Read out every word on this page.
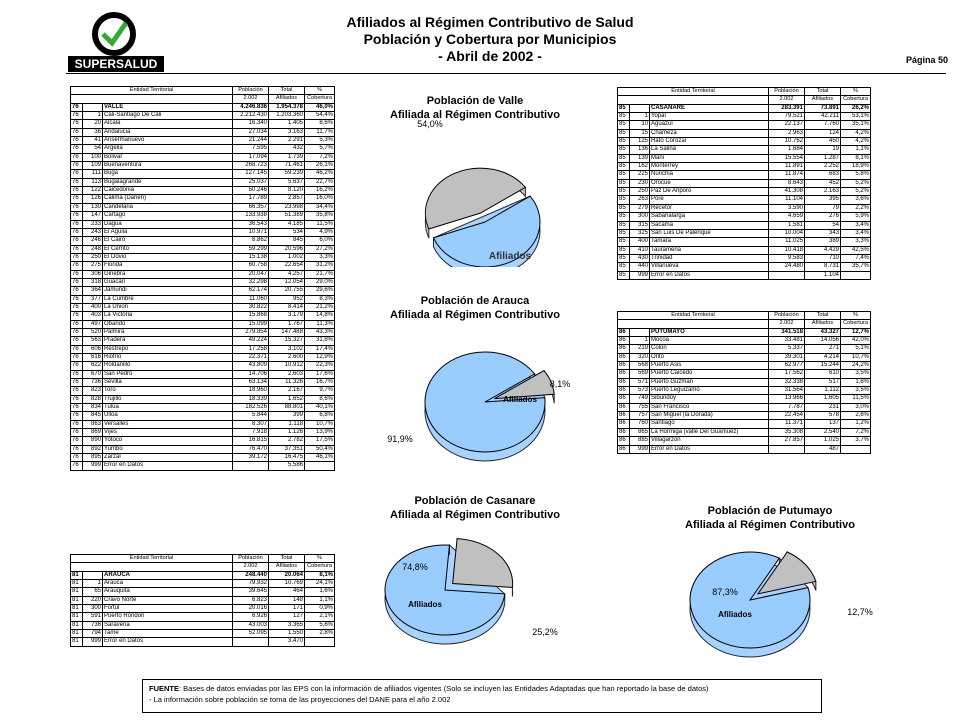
SUPERSALUD
Afiliados al Régimen Contributivo de Salud
Población y Cobertura por Municipios
- Abril de 2002 -	Página 50
Entidad Territorial			Población	Total	%
			2.002	Afiliados	Cobertura
76		VALLE	4.246.836	1.954.378	46,0%
76	1	Cali-Santiago De Cali	2.212.430	1.203.360	54,4%
76	20	Alcala	16.340	1.405	8,6%
76	36	Andalucia	27.034	3.163	11,7%
76	41	Ansermanuevo	21.244	2.291	5,3%
76	54	Argelia	7.595	432	5,7%
76	100	Bolivar	17.094	1.739	7,2%
76	109	Buenaventura	268.723	71.461	26,1%
76	111	Buga	127.145	59.239	46,2%
76	113	Bugalagrande	25.037	5.637	22,7%
76	122	Caicedonia	50.246	8.120	16,2%
76	126	Calima (Darien)	17.789	2.857	16,0%
76	130	Candelaria	66.357	23.998	34,4%
76	147	Cartago	133.938	51.389	35,8%
76	233	Dagua	36.543	4.185	11,5%
76	243	El Aguila	10.971	534	4,9%
76	246	El Cairo	8.862	845	6,0%
76	248	El Cerrito	59.299	20.596	27,2%
76	250	El Dovio	15.138	1.002	3,3%
76	275	Florida	60.758	22.654	31,2%
76	306	Ginebra	20.047	4.257	21,7%
76	318	Guacari	32.298	12.054	29,0%
76	364	Jamundi	62.174	20.755	29,6%
76	377	La Cumbre	11.060	952	8,3%
76	400	La Union	30.822	8.414	21,2%
76	403	La Victoria	15.868	3.179	14,8%
76	497	Obando	15.099	1.767	11,3%
76	520	Palmira	279.854	147.488	43,3%
76	563	Pradera	49.224	15.327	31,8%
76	606	Restrepo	17.258	3.102	17,4%
76	616	Riofrio	22.371	2.600	12,9%
76	622	Roldanillo	43.809	10.912	22,3%
76	670	San Pedro	14.706	2.603	17,6%
76	736	Sevilla	63.134	11.326	16,7%
76	823	Toro	18.960	2.167	9,7%
76	828	Trujillo	18.339	1.652	8,6%
76	834	Tulua	182.526	88.801	40,1%
76	845	Ulloa	5.844	399	6,8%
76	863	Versalles	8.307	1.118	10,7%
76	869	Vijes	7.918	1.126	13,9%
76	890	Yotoco	16.815	2.782	17,5%
76	892	Yumbo	76.470	37.351	50,4%
76	895	Zarzal	39.172	16.475	46,1%
76	999	Error en Datos		5.586	
Entidad Territorial			Población	Total	%
			2.002	Afiliados	Cobertura
81		ARAUCA	248.440	20.064	8,1%
81	1	Arauca	79.932	10.769	24,1%
81	65	Arauquita	39.645	464	1,6%
81	220	Cravo Norte	6.823	148	1,1%
81	300	Fortul	20.016	171	0,9%
81	591	Puerto Rondon	6.926	127	2,1%
81	736	Saravena	43.003	3.365	5,6%
81	794	Tame	52.095	1.550	2,8%
81	999	Error en Datos		3.470	
Entidad Territorial			Población	Total	%
			2.002	Afiliados	Cobertura
85		CASANARE	283.391	73.891	26,2%
85	1	Yopal	79.521	42.211	53,1%
85	10	Aguazul	22.137	7.760	35,1%
85	15	Chameza	2.963	124	4,2%
85	125	Hato Corozal	10.762	450	4,2%
85	136	La Salina	1.684	19	1,1%
85	139	Mani	15.554	1.287	8,1%
85	162	Monterrey	11.891	2.252	18,9%
85	225	Nunchia	11.874	683	5,8%
85	230	Orocue	8.643	452	5,2%
85	250	Paz De Ariporo	41.308	2.163	5,2%
85	263	Pore	11.104	395	3,6%
85	279	Recetor	3.590	79	2,2%
85	300	Sabanalarga	4.659	276	5,9%
85	315	Sacama	1.581	54	3,4%
85	325	San Luis De Palenque	10.004	343	3,4%
85	400	Tamara	11.025	389	3,3%
85	410	Tauramena	10.418	4.429	42,5%
85	430	Trinidad	9.583	710	7,4%
85	440	Villanueva	24.480	8.731	35,7%
85	999	Error en Datos		1.104	
Entidad Territorial			Población	Total	%
			2.002	Afiliados	Cobertura
86		PUTUMAYO	341.518	43.327	12,7%
86	1	Mocoa	33.481	14.056	42,0%
86	219	Colon	5.337	271	5,1%
86	320	Orito	39.301	4.214	10,7%
86	568	Puerto Asis	62.977	15.244	24,2%
86	569	Puerto Caicedo	17.562	610	3,5%
86	571	Puerto Guzman	32.338	517	1,6%
86	573	Puerto Leguizamo	31.564	1.112	3,5%
86	749	Sibundoy	13.966	1.605	11,5%
86	755	San Francisco	7.787	231	3,0%
86	757	San Miguel (la Dorada)	22.454	578	2,6%
86	760	Santiago	11.371	137	1,2%
86	865	La Hormiga (valle Del Guamuez)	35.308	2.540	7,2%
86	885	Villagarzon	27.857	1.025	3,7%
86	999	Error en Datos		487	
Población de Valle
Afiliada al Régimen Contributivo
54,0%
Afiliados
Población de Arauca
Afiliada al Régimen Contributivo
91,9%
Afiliados
8,1%
Población de Casanare
Afiliada al Régimen Contributivo
74,8%
Afiliados
25,2%
Población de Putumayo
Afiliada al Régimen Contributivo
87,3%
Afiliados	12,7%
FUENTE: Bases de datos enviadas por las EPS con la información de afiliados vigentes (Solo se incluyen las Entidades Adaptadas que han reportado la base de datos)
- La información sobre población se toma de las proyecciones del DANE para el año 2.002
